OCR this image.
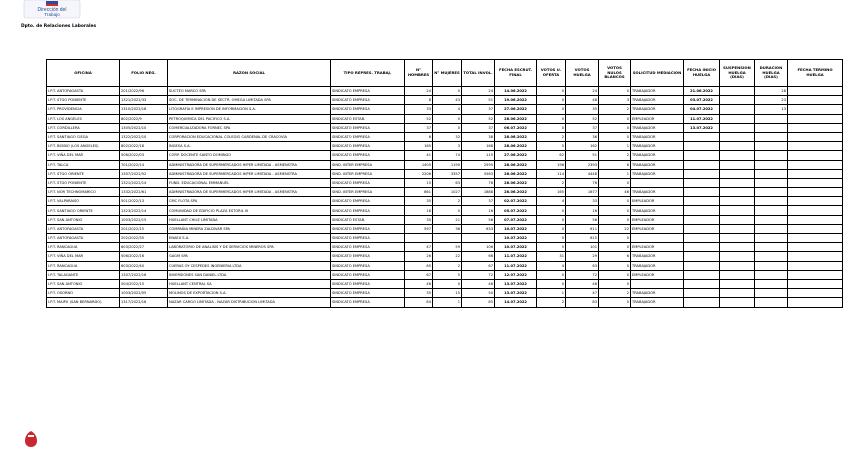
Dirección del
Trabajo
Dpto. de Relaciones Laborales
OFICINA	FOLIO NEG.	RAZON SOCIAL	TIPO REPRES. TRABAJ.	N° HOMBRES	N° MUJERES	TOTAL INVOL.	FECHA ESCRUT. FINAL	VOTOS U. OFERTA	VOTOS HUELGA	VOTOS NULOS BLANCOS	SOLICITUD MEDIACION	FECHA INICIO HUELGA	SUSPENSION HUELGA (DIAS)	DURACION HUELGA (DIAS)	FECHA TERMINO HUELGA
I.P.T. ANTOFAGASTA	201/2022/96	SUCTEO MARCO SPA	SINDICATO EMPRESA	24	0	24	14.06.2022	0	24	0	TRABAJADOR	21.06.2022		28	
I.P.T. STGO PONIENTE	1321/2022/33	SOC. DE TERMINACION DE SECTR. OMEGA LIMITADA SPA	SINDICATO EMPRESA	8	43	51	19.06.2022	0	48	3	TRABAJADOR	03.07.2022		23	
I.P.T. PROVIDENCIA	1310/2022/18	LITOGRAFIA E IMPRESION DE INFORMACION S.A.	SINDICATO EMPRESA	33	4	37	27.06.2022	0	35	2	TRABAJADOR	04.07.2022		13	
I.P.T. LOS ANGELES	802/2022/9	PETROQUIMICA DEL PACIFICO S.A.	SINDICATO ESTAB.	52	0	52	28.06.2022	0	52	0	EMPLEADOR	11.07.2022			
I.P.T. CORDILLERA	1305/2022/10	COMERCIALIZADORA FORNEC SPA	SINDICATO EMPRESA	37	0	37	06.07.2022	0	37	0	TRABAJADOR	13.07.2022			
I.P.T. SANTIAGO CIEGA	1322/2022/10	CORPORACION EDUCACIONAL COLEGIO CARDENAL DE CRACOVIA	SINDICATO EMPRESA	6	32	38	28.06.2022	2	36	0	TRABAJADOR				
I.P.T. BIOBIO (LOS ANGELES)	802/2022/18	INGESA S.A.	SINDICATO EMPRESA	165	3	168	28.06.2022	5	162	1	TRABAJADOR				
I.P.T. VIÑA DEL MAR	506/2022/03	CORP. DOCENTE SANTO DOMINGO	SINDICATO EMPRESA	41	74	115	27.06.2022	62	51	2	TRABAJADOR				
I.P.T. TALCA	701/2022/14	ADMINISTRADORA DE SUPERMERCADOS HIPER LIMITADA - ASMENSTRA	SIND. INTER EMPRESA	1405	1190	2595	28.06.2022	196	2393	6	TRABAJADOR				
I.P.T. STGO ORIENTE	1307/2022/52	ADMINISTRADORA DE SUPERMERCADOS HIPER LIMITADA - ASMENSTRA	SIND. INTER EMPRESA	2206	3357	5563	28.06.2022	114	4448	1	TRABAJADOR				
I.P.T. STGO PONIENTE	1321/2022/14	FUND. EDUCACIONAL EMMANUEL	SINDICATO EMPRESA	15	63	78	28.06.2022	2	76	0					
I.P.T. NOR TECHNOMARICO	1332/2022/61	ADMINISTRADORA DE SUPERMERCADOS HIPER LIMITADA - ASMENSTRA	SIND. INTER EMPRESA	861	1027	1888	28.06.2022	165	1677	46	TRABAJADOR				
I.P.T. VALPARAISO	501/2022/13	CMC FLOTA SPA	SINDICATO EMPRESA	35	2	37	02.07.2022	4	33	0	EMPLEADOR				
I.P.T. SANTIAGO ORIENTE	1323/2022/14	COMUNIDAD DE EDIFICIO PLAZA ESTORIL III	SINDICATO EMPRESA	16	0	16	05.07.2022	0	16	0	TRABAJADOR				
I.P.T. SAN ANTONIO	1003/2022/15	HUELLANT CHILE LIMITADA	SINDICATO ESTAB.	35	21	56	07.07.2022	0	56	0	EMPLEADOR				
I.P.T. ANTOFAGASTA	201/2022/15	COMPAÑIA MINERA ZALDIVAR SPA	SINDICATO EMPRESA	597	36	633	10.07.2022	0	611	22	EMPLEADOR				
I.P.T. ANTOFAGASTA	202/2022/35	ENAEX S.A.	SINDICATO EMPRESA				10.07.2022	0	615	0					
I.P.T. RANCAGUA	603/2022/27	LABORATORIO DE ANALISIS Y DE SERVICIOS MINEROS SPA	SINDICATO EMPRESA	47	59	106	10.07.2022	5	101	0	EMPLEADOR				
I.P.T. VIÑA DEL MAR	506/2022/16	GAGM SPA	SINDICATO EMPRESA	26	22	66	11.07.2022	31	29	6	TRABAJADOR				
I.P.T. RANCAGUA	603/2022/40	CUERAS OY CESPEDES INGENIERIA LTDA	SINDICATO EMPRESA	65	2	67	11.07.2022	4	63	0	TRABAJADOR				
I.P.T. TALAGANTE	1307/2022/16	INVERSIONES SAN DANIEL LTDA	SINDICATO EMPRESA	67	5	72	12.07.2022	0	72	0	EMPLEADOR				
I.P.T. SAN ANTONIO	504/2022/15	HUELLANT CENTRAL SA	SINDICATO EMPRESA	46	0	46	13.07.2022	0	46	0					
I.P.T. OSORNO	1003/2022/05	MOLINOS DE EXPORTACION S.A.	SINDICATO EMPRESA	35	15	50	13.07.2022	1	47	2	TRABAJADOR				
I.P.T. MAIPU (SAN BERNARDO)	1317/2022/16	NAZAR CARGO LIMITADA - NAZAR DISTRIBUCION LIMITADA	SINDICATO EMPRESA	84	1	85	14.07.2022	2	83	0	TRABAJADOR				
